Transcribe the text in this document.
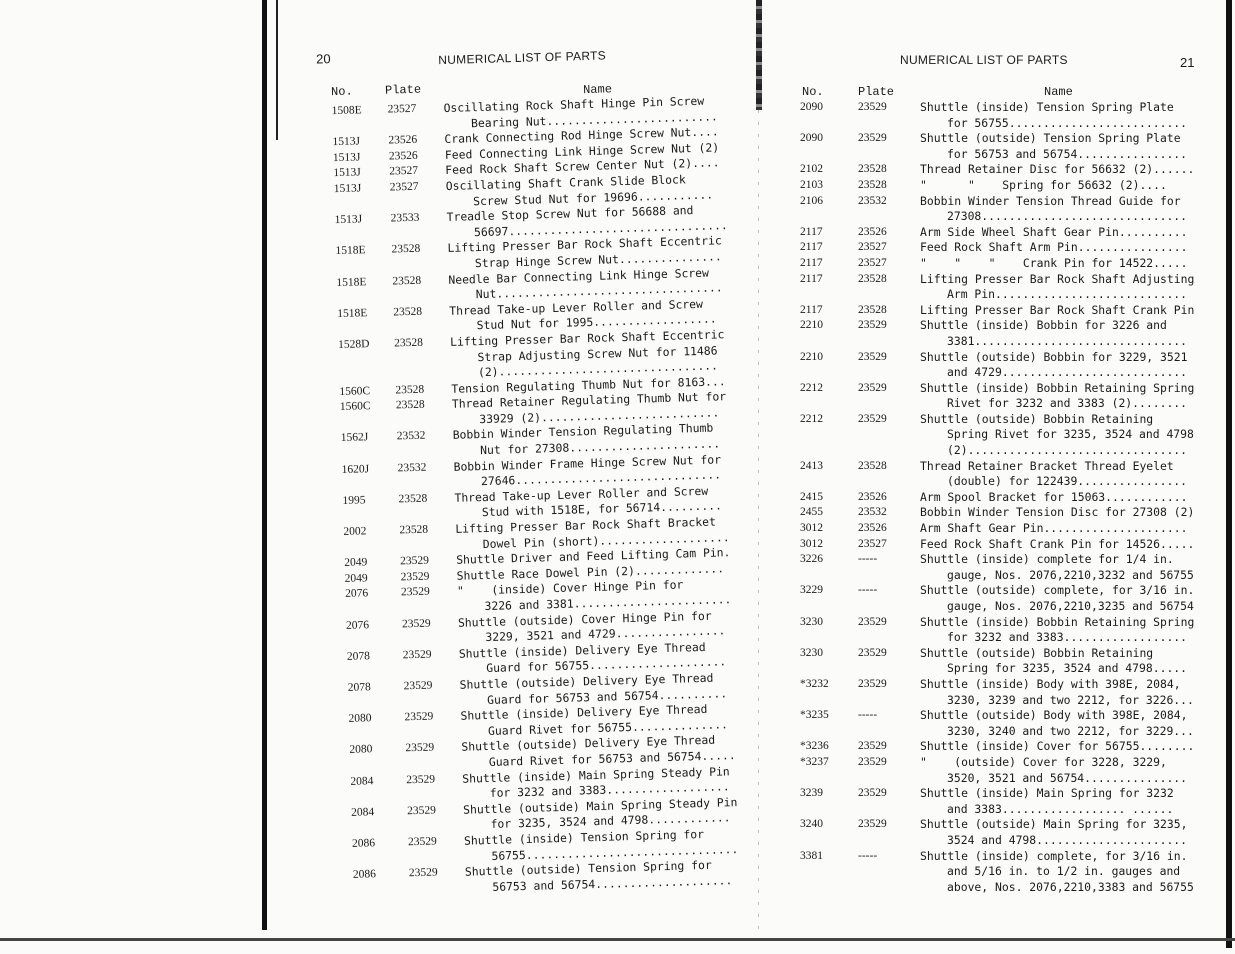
20	NUMERICAL LIST OF PARTS
No.	Plate	Name
1508E	23527	Oscillating Rock Shaft Hinge Pin Screw
Bearing Nut.........................
1513J	23526	Crank Connecting Rod Hinge Screw Nut....
1513J	23526	Feed Connecting Link Hinge Screw Nut (2)
1513J	23527	Feed Rock Shaft Screw Center Nut (2)....
1513J	23527	Oscillating Shaft Crank Slide Block
Screw Stud Nut for 19696...........
1513J	23533	Treadle Stop Screw Nut for 56688 and
56697................................
1518E	23528	Lifting Presser Bar Rock Shaft Eccentric
Strap Hinge Screw Nut...............
1518E	23528	Needle Bar Connecting Link Hinge Screw
Nut.................................
1518E	23528	Thread Take-up Lever Roller and Screw
Stud Nut for 1995..................
1528D	23528	Lifting Presser Bar Rock Shaft Eccentric
Strap Adjusting Screw Nut for 11486
(2)................................
1560C	23528	Tension Regulating Thumb Nut for 8163...
1560C	23528	Thread Retainer Regulating Thumb Nut for
33929 (2)..........................
1562J	23532	Bobbin Winder Tension Regulating Thumb
Nut for 27308......................
1620J	23532	Bobbin Winder Frame Hinge Screw Nut for
27646..............................
1995	23528	Thread Take-up Lever Roller and Screw
Stud with 1518E, for 56714.........
2002	23528	Lifting Presser Bar Rock Shaft Bracket
Dowel Pin (short)...................
2049	23529	Shuttle Driver and Feed Lifting Cam Pin.
2049	23529	Shuttle Race Dowel Pin (2).............
2076	23529	"    (inside) Cover Hinge Pin for
3226 and 3381.......................
2076	23529	Shuttle (outside) Cover Hinge Pin for
3229, 3521 and 4729................
2078	23529	Shuttle (inside) Delivery Eye Thread
Guard for 56755....................
2078	23529	Shuttle (outside) Delivery Eye Thread
Guard for 56753 and 56754..........
2080	23529	Shuttle (inside) Delivery Eye Thread
Guard Rivet for 56755..............
2080	23529	Shuttle (outside) Delivery Eye Thread
Guard Rivet for 56753 and 56754.....
2084	23529	Shuttle (inside) Main Spring Steady Pin
for 3232 and 3383..................
2084	23529	Shuttle (outside) Main Spring Steady Pin
for 3235, 3524 and 4798............
2086	23529	Shuttle (inside) Tension Spring for
56755...............................
2086	23529	Shuttle (outside) Tension Spring for
56753 and 56754....................
NUMERICAL LIST OF PARTS	21
No.	Plate	Name
2090	23529	Shuttle (inside) Tension Spring Plate
for 56755..........................
2090	23529	Shuttle (outside) Tension Spring Plate
for 56753 and 56754................
2102	23528	Thread Retainer Disc for 56632 (2)......
2103	23528	"      "    Spring for 56632 (2)....
2106	23532	Bobbin Winder Tension Thread Guide for
27308..............................
2117	23526	Arm Side Wheel Shaft Gear Pin..........
2117	23527	Feed Rock Shaft Arm Pin................
2117	23527	"    "    "    Crank Pin for 14522.....
2117	23528	Lifting Presser Bar Rock Shaft Adjusting
Arm Pin............................
2117	23528	Lifting Presser Bar Rock Shaft Crank Pin
2210	23529	Shuttle (inside) Bobbin for 3226 and
3381...............................
2210	23529	Shuttle (outside) Bobbin for 3229, 3521
and 4729...........................
2212	23529	Shuttle (inside) Bobbin Retaining Spring
Rivet for 3232 and 3383 (2)........
2212	23529	Shuttle (outside) Bobbin Retaining
Spring Rivet for 3235, 3524 and 4798
(2)................................
2413	23528	Thread Retainer Bracket Thread Eyelet
(double) for 122439................
2415	23526	Arm Spool Bracket for 15063............
2455	23532	Bobbin Winder Tension Disc for 27308 (2)
3012	23526	Arm Shaft Gear Pin.....................
3012	23527	Feed Rock Shaft Crank Pin for 14526.....
3226	-----	Shuttle (inside) complete for 1/4 in.
gauge, Nos. 2076,2210,3232 and 56755
3229	-----	Shuttle (outside) complete, for 3/16 in.
gauge, Nos. 2076,2210,3235 and 56754
3230	23529	Shuttle (inside) Bobbin Retaining Spring
for 3232 and 3383..................
3230	23529	Shuttle (outside) Bobbin Retaining
Spring for 3235, 3524 and 4798.....
*3232	23529	Shuttle (inside) Body with 398E, 2084,
3230, 3239 and two 2212, for 3226...
*3235	-----	Shuttle (outside) Body with 398E, 2084,
3230, 3240 and two 2212, for 3229...
*3236	23529	Shuttle (inside) Cover for 56755........
*3237	23529	"    (outside) Cover for 3228, 3229,
3520, 3521 and 56754...............
3239	23529	Shuttle (inside) Main Spring for 3232
and 3383.................. ......
3240	23529	Shuttle (outside) Main Spring for 3235,
3524 and 4798......................
3381	-----	Shuttle (inside) complete, for 3/16 in.
and 5/16 in. to 1/2 in. gauges and
above, Nos. 2076,2210,3383 and 56755
